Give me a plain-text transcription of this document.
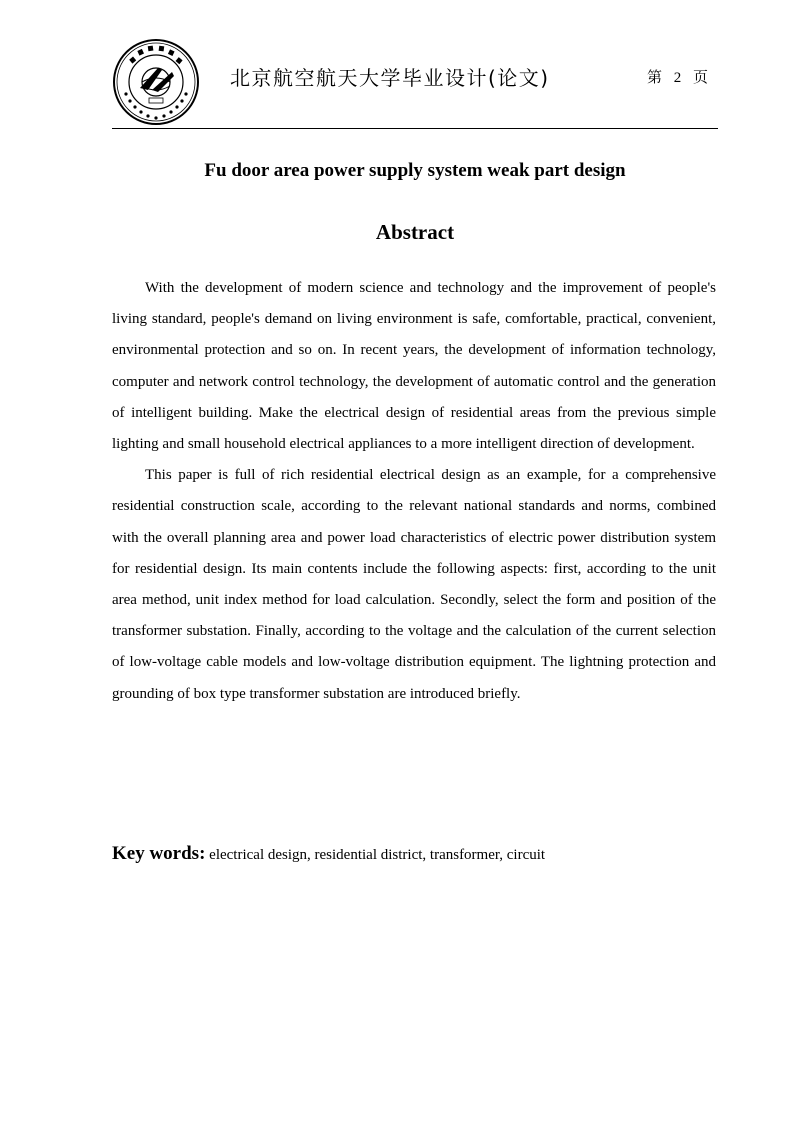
北京航空航天大学毕业设计(论文)	第 2 页
Fu door area power supply system weak part design
Abstract

With the development of modern science and technology and the improvement of people's living standard, people's demand on living environment is safe, comfortable, practical, convenient, environmental protection and so on. In recent years, the development of information technology, computer and network control technology, the development of automatic control and the generation of intelligent building. Make the electrical design of residential areas from the previous simple lighting and small household electrical appliances to a more intelligent direction of development.

This paper is full of rich residential electrical design as an example, for a comprehensive residential construction scale, according to the relevant national standards and norms, combined with the overall planning area and power load characteristics of electric power distribution system for residential design. Its main contents include the following aspects: first, according to the unit area method, unit index method for load calculation. Secondly, select the form and position of the transformer substation. Finally, according to the voltage and the calculation of the current selection of low-voltage cable models and low-voltage distribution equipment. The lightning protection and grounding of box type transformer substation are introduced briefly.

Key words: electrical design, residential district, transformer, circuit
